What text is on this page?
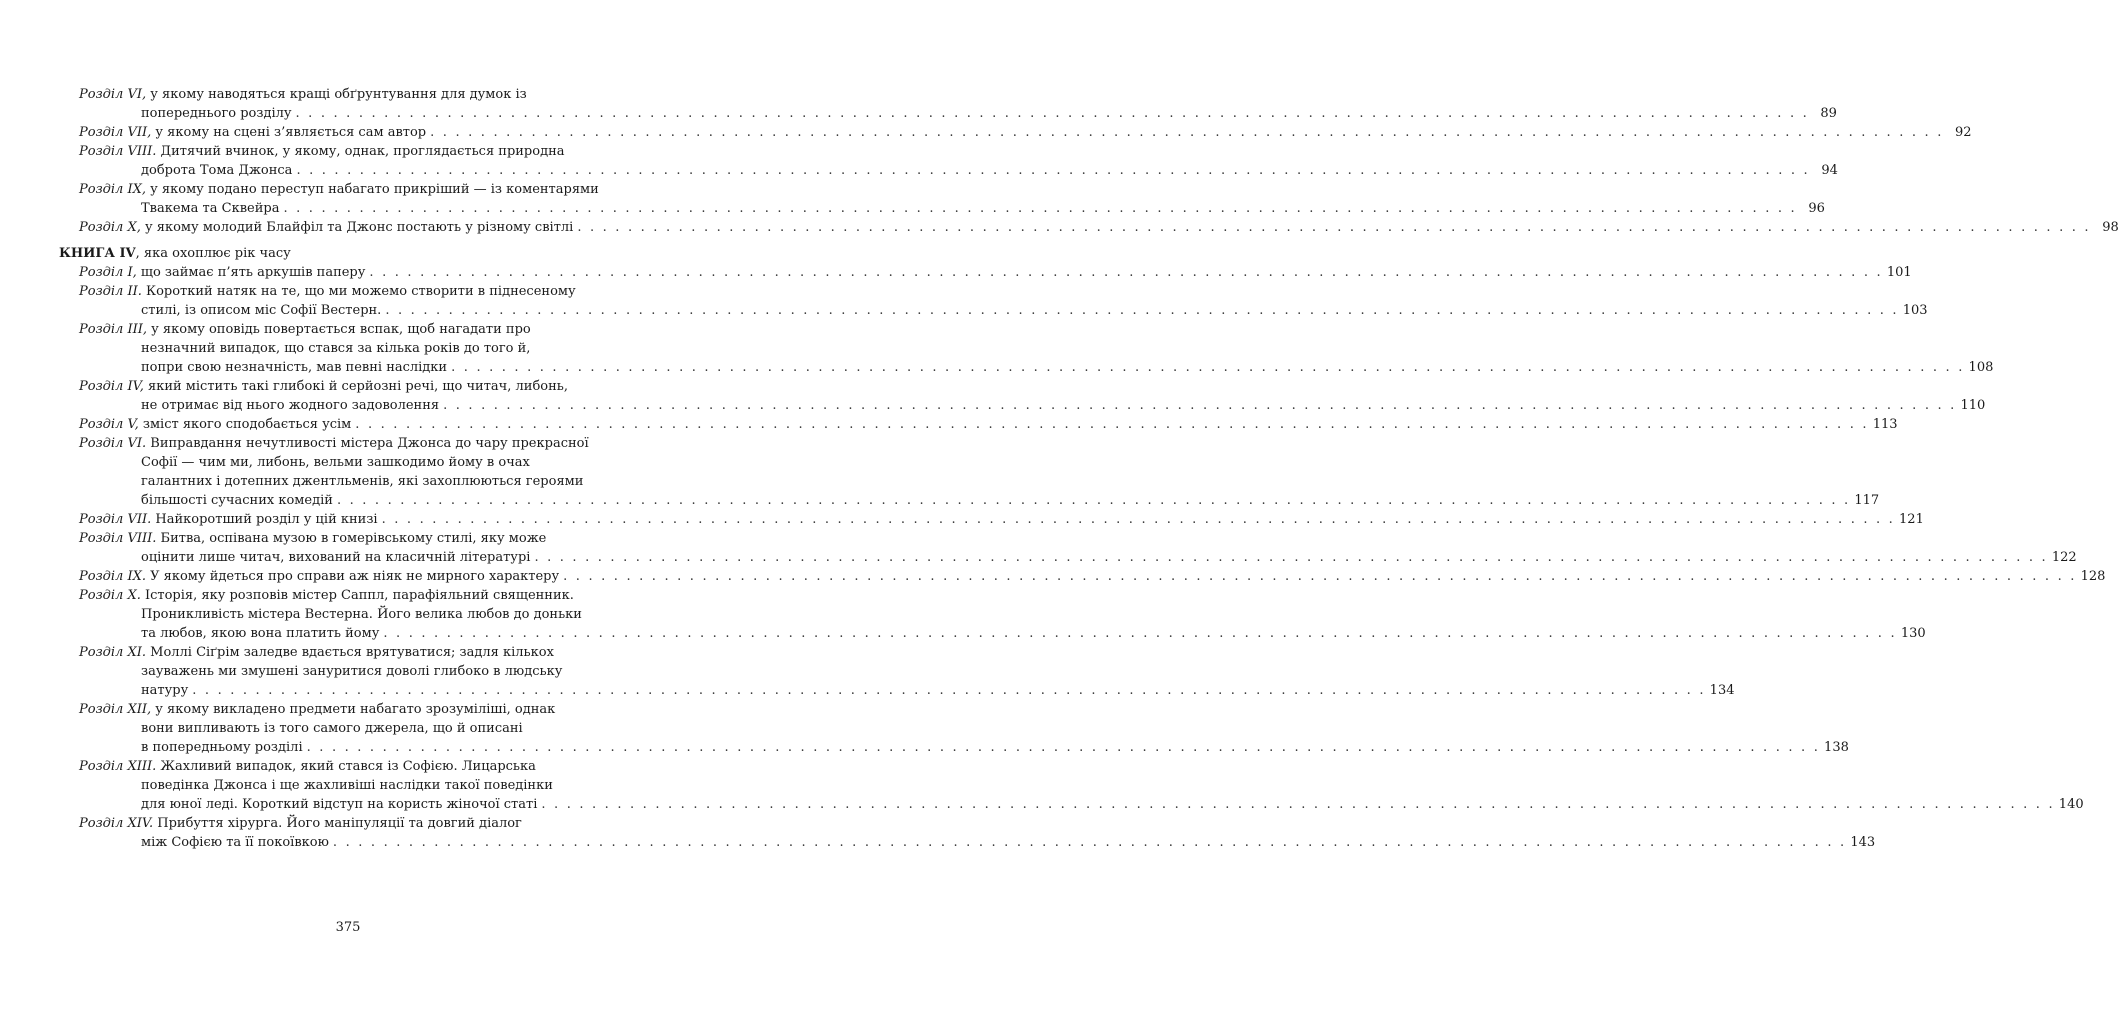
Розділ VI, у якому наводяться кращі обґрунтування для думок із
попереднього розділу . . . . . . . . . . . . . . . . . . . . . . . . . . . . . . . . . . . . . . . . . . . . . . . . . . . . . . . . . . . . . . . . . . . . . . . . . . . . . . . . . . . . . . . . . . . . . . . . . . . . . . . . . . . . . . . . . . . . . . . . 89
Розділ VII, у якому на сцені з’являється сам автор . . . . . . . . . . . . . . . . . . . . . . . . . . . . . . . . . . . . . . . . . . . . . . . . . . . . . . . . . . . . . . . . . . . . . . . . . . . . . . . . . . . . . . . . . . . . . . . . . . . . . . . . . . . . . . . . . . . . . . . . 92
Розділ VIII. Дитячий вчинок, у якому, однак, проглядається природна
доброта Тома Джонса . . . . . . . . . . . . . . . . . . . . . . . . . . . . . . . . . . . . . . . . . . . . . . . . . . . . . . . . . . . . . . . . . . . . . . . . . . . . . . . . . . . . . . . . . . . . . . . . . . . . . . . . . . . . . . . . . . . . . . . . 94
Розділ IX, у якому подано переступ набагато прикріший — із коментарями
Твакема та Сквейра . . . . . . . . . . . . . . . . . . . . . . . . . . . . . . . . . . . . . . . . . . . . . . . . . . . . . . . . . . . . . . . . . . . . . . . . . . . . . . . . . . . . . . . . . . . . . . . . . . . . . . . . . . . . . . . . . . . . . . . . 96
Розділ X, у якому молодий Блайфіл та Джонс постають у різному світлі . . . . . . . . . . . . . . . . . . . . . . . . . . . . . . . . . . . . . . . . . . . . . . . . . . . . . . . . . . . . . . . . . . . . . . . . . . . . . . . . . . . . . . . . . . . . . . . . . . . . . . . . . . . . . . . . . . . . . . . . 98
КНИГА IV, яка охоплює рік часу
Розділ I, що займає п’ять аркушів паперу . . . . . . . . . . . . . . . . . . . . . . . . . . . . . . . . . . . . . . . . . . . . . . . . . . . . . . . . . . . . . . . . . . . . . . . . . . . . . . . . . . . . . . . . . . . . . . . . . . . . . . . . . . . . . . . . . . . . . . . . 101
Розділ II. Короткий натяк на те, що ми можемо створити в піднесеному
стилі, із описом міс Софії Вестерн. . . . . . . . . . . . . . . . . . . . . . . . . . . . . . . . . . . . . . . . . . . . . . . . . . . . . . . . . . . . . . . . . . . . . . . . . . . . . . . . . . . . . . . . . . . . . . . . . . . . . . . . . . . . . . . . . . . . . . . . . 103
Розділ III, у якому оповідь повертається вспак, щоб нагадати про
незначний випадок, що стався за кілька років до того й,
попри свою незначність, мав певні наслідки . . . . . . . . . . . . . . . . . . . . . . . . . . . . . . . . . . . . . . . . . . . . . . . . . . . . . . . . . . . . . . . . . . . . . . . . . . . . . . . . . . . . . . . . . . . . . . . . . . . . . . . . . . . . . . . . . . . . . . . . 108
Розділ IV, який містить такі глибокі й серйозні речі, що читач, либонь,
не отримає від нього жодного задоволення . . . . . . . . . . . . . . . . . . . . . . . . . . . . . . . . . . . . . . . . . . . . . . . . . . . . . . . . . . . . . . . . . . . . . . . . . . . . . . . . . . . . . . . . . . . . . . . . . . . . . . . . . . . . . . . . . . . . . . . . 110
Розділ V, зміст якого сподобається усім . . . . . . . . . . . . . . . . . . . . . . . . . . . . . . . . . . . . . . . . . . . . . . . . . . . . . . . . . . . . . . . . . . . . . . . . . . . . . . . . . . . . . . . . . . . . . . . . . . . . . . . . . . . . . . . . . . . . . . . . 113
Розділ VI. Виправдання нечутливості містера Джонса до чару прекрасної
Софії — чим ми, либонь, вельми зашкодимо йому в очах
галантних і дотепних джентльменів, які захоплюються героями
більшості сучасних комедій . . . . . . . . . . . . . . . . . . . . . . . . . . . . . . . . . . . . . . . . . . . . . . . . . . . . . . . . . . . . . . . . . . . . . . . . . . . . . . . . . . . . . . . . . . . . . . . . . . . . . . . . . . . . . . . . . . . . . . . . 117
Розділ VII. Найкоротший розділ у цій книзі . . . . . . . . . . . . . . . . . . . . . . . . . . . . . . . . . . . . . . . . . . . . . . . . . . . . . . . . . . . . . . . . . . . . . . . . . . . . . . . . . . . . . . . . . . . . . . . . . . . . . . . . . . . . . . . . . . . . . . . . 121
Розділ VIII. Битва, оспівана музою в гомерівському стилі, яку може
оцінити лише читач, вихований на класичній літературі . . . . . . . . . . . . . . . . . . . . . . . . . . . . . . . . . . . . . . . . . . . . . . . . . . . . . . . . . . . . . . . . . . . . . . . . . . . . . . . . . . . . . . . . . . . . . . . . . . . . . . . . . . . . . . . . . . . . . . . . 122
Розділ IX. У якому йдеться про справи аж ніяк не мирного характеру . . . . . . . . . . . . . . . . . . . . . . . . . . . . . . . . . . . . . . . . . . . . . . . . . . . . . . . . . . . . . . . . . . . . . . . . . . . . . . . . . . . . . . . . . . . . . . . . . . . . . . . . . . . . . . . . . . . . . . . . 128
Розділ X. Історія, яку розповів містер Саппл, парафіяльний священник.
Проникливість містера Вестерна. Його велика любов до доньки
та любов, якою вона платить йому . . . . . . . . . . . . . . . . . . . . . . . . . . . . . . . . . . . . . . . . . . . . . . . . . . . . . . . . . . . . . . . . . . . . . . . . . . . . . . . . . . . . . . . . . . . . . . . . . . . . . . . . . . . . . . . . . . . . . . . . 130
Розділ XI. Моллі Сіґрім заледве вдається врятуватися; задля кількох
зауважень ми змушені зануритися доволі глибоко в людську
натуру . . . . . . . . . . . . . . . . . . . . . . . . . . . . . . . . . . . . . . . . . . . . . . . . . . . . . . . . . . . . . . . . . . . . . . . . . . . . . . . . . . . . . . . . . . . . . . . . . . . . . . . . . . . . . . . . . . . . . . . . 134
Розділ XII, у якому викладено предмети набагато зрозуміліші, однак
вони випливають із того самого джерела, що й описані
в попередньому розділі . . . . . . . . . . . . . . . . . . . . . . . . . . . . . . . . . . . . . . . . . . . . . . . . . . . . . . . . . . . . . . . . . . . . . . . . . . . . . . . . . . . . . . . . . . . . . . . . . . . . . . . . . . . . . . . . . . . . . . . . 138
Розділ XIII. Жахливий випадок, який стався із Софією. Лицарська
поведінка Джонса і ще жахливіші наслідки такої поведінки
для юної леді. Короткий відступ на користь жіночої статі . . . . . . . . . . . . . . . . . . . . . . . . . . . . . . . . . . . . . . . . . . . . . . . . . . . . . . . . . . . . . . . . . . . . . . . . . . . . . . . . . . . . . . . . . . . . . . . . . . . . . . . . . . . . . . . . . . . . . . . . 140
Розділ XIV. Прибуття хірурга. Його маніпуляції та довгий діалог
між Софією та її покоївкою . . . . . . . . . . . . . . . . . . . . . . . . . . . . . . . . . . . . . . . . . . . . . . . . . . . . . . . . . . . . . . . . . . . . . . . . . . . . . . . . . . . . . . . . . . . . . . . . . . . . . . . . . . . . . . . . . . . . . . . . 143
375
